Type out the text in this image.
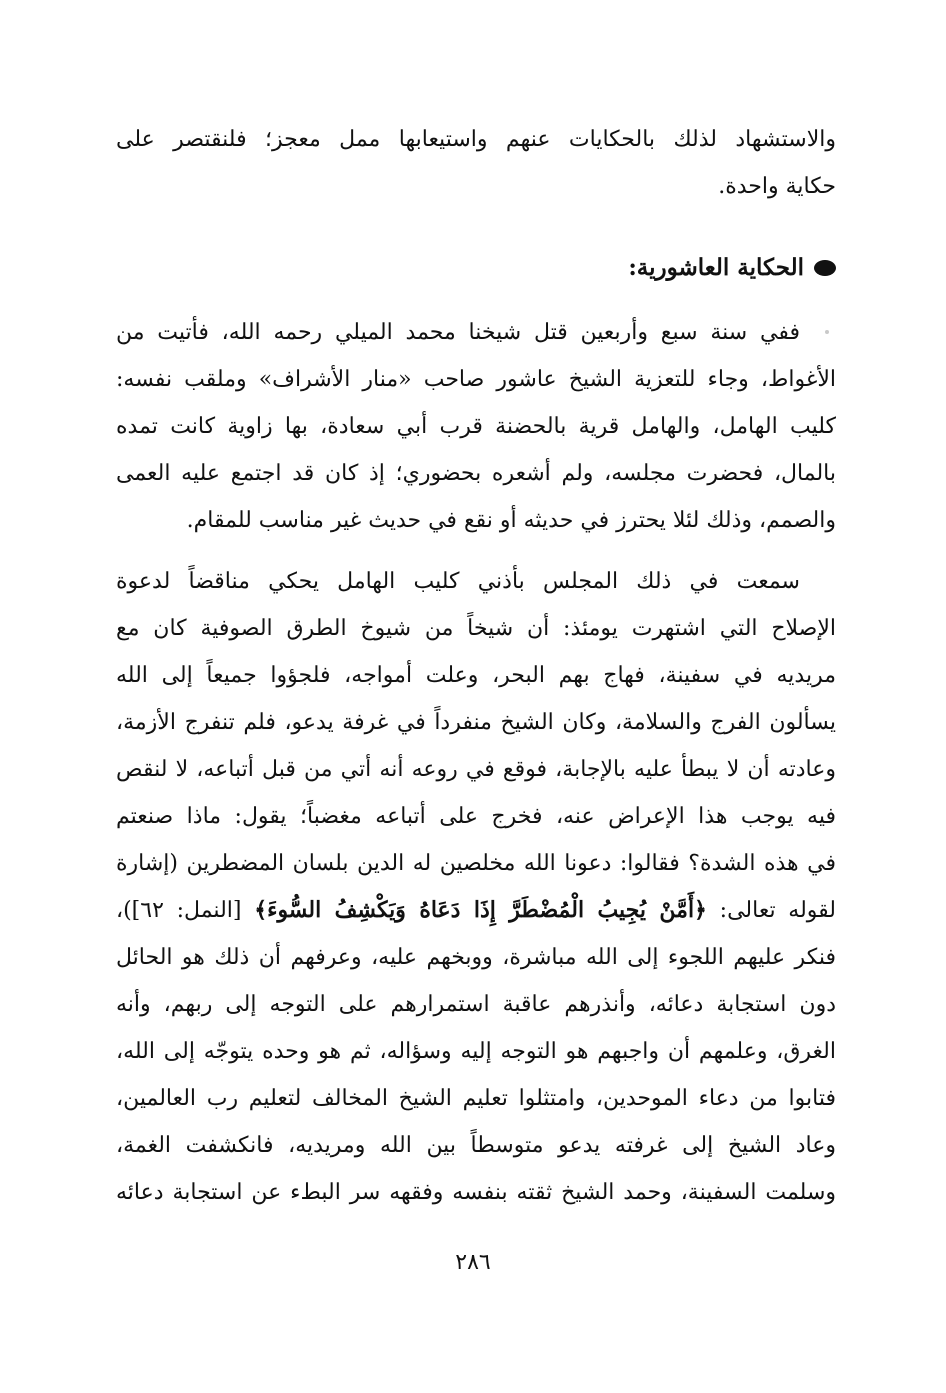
والاستشهاد لذلك بالحكايات عنهم واستيعابها ممل معجز؛ فلنقتصر على
حكاية واحدة.
الحكاية العاشورية:
ففي سنة سبع وأربعين قتل شيخنا محمد الميلي رحمه الله، فأتيت من
الأغواط، وجاء للتعزية الشيخ عاشور صاحب «منار الأشراف» وملقب نفسه:
كليب الهامل، والهامل قرية بالحضنة قرب أبي سعادة، بها زاوية كانت تمده
بالمال، فحضرت مجلسه، ولم أشعره بحضوري؛ إذ كان قد اجتمع عليه العمى
والصمم، وذلك لئلا يحترز في حديثه أو نقع في حديث غير مناسب للمقام.
سمعت في ذلك المجلس بأذني كليب الهامل يحكي مناقضاً لدعوة
الإصلاح التي اشتهرت يومئذ: أن شيخاً من شيوخ الطرق الصوفية كان مع
مريديه في سفينة، فهاج بهم البحر، وعلت أمواجه، فلجؤوا جميعاً إلى الله
يسألون الفرج والسلامة، وكان الشيخ منفرداً في غرفة يدعو، فلم تنفرج الأزمة،
وعادته أن لا يبطأ عليه بالإجابة، فوقع في روعه أنه أتي من قبل أتباعه، لا لنقص
فيه يوجب هذا الإعراض عنه، فخرج على أتباعه مغضباً؛ يقول: ماذا صنعتم
في هذه الشدة؟ فقالوا: دعونا الله مخلصين له الدين بلسان المضطرين (إشارة
لقوله تعالى: ﴿أَمَّنْ يُجِيبُ الْمُضْطَرَّ إِذَا دَعَاهُ وَيَكْشِفُ السُّوءَ﴾ [النمل: ٦٢])،
فنكر عليهم اللجوء إلى الله مباشرة، ووبخهم عليه، وعرفهم أن ذلك هو الحائل
دون استجابة دعائه، وأنذرهم عاقبة استمرارهم على التوجه إلى ربهم، وأنه
الغرق، وعلمهم أن واجبهم هو التوجه إليه وسؤاله، ثم هو وحده يتوجّه إلى الله،
فتابوا من دعاء الموحدين، وامتثلوا تعليم الشيخ المخالف لتعليم رب العالمين،
وعاد الشيخ إلى غرفته يدعو متوسطاً بين الله ومريديه، فانكشفت الغمة،
وسلمت السفينة، وحمد الشيخ ثقته بنفسه وفقهه سر البطء عن استجابة دعائه
٢٨٦
